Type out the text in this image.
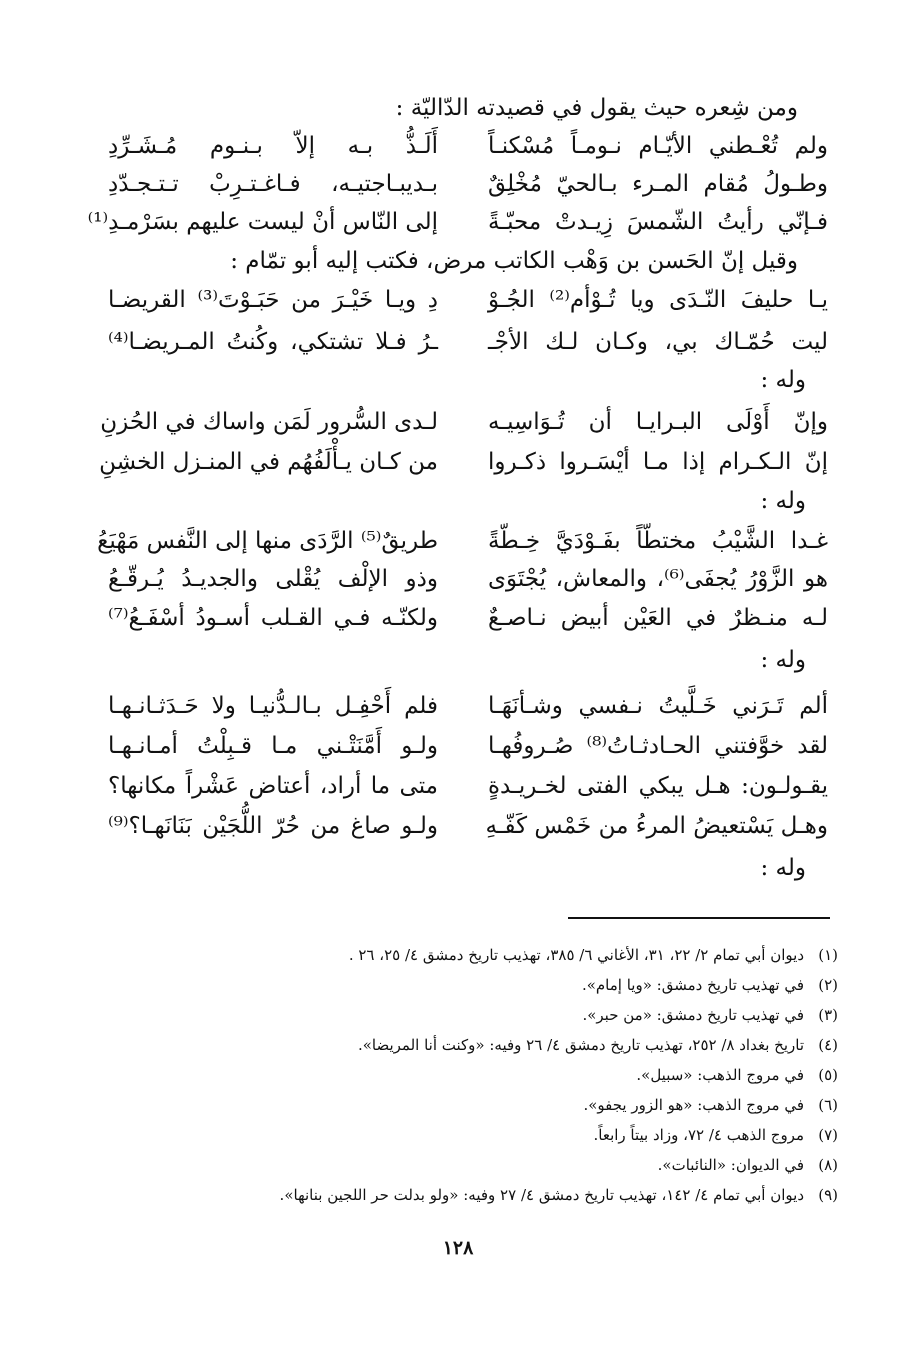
ومن شِعره حيث يقول في قصيدته الدّاليّة :
ولم تُعْـطني الأيّـام نـومـاً مُسْكنـاً
أَلَـذُّ بـه إلاّ بـنـوم مُـشَـرِّدِ
وطـولُ مُقام المـرء بـالحيّ مُخْلِقٌ
بـديبـاجتيـه، فـاغـتـرِبْ تـتـجـدّدِ
فـإنّي رأيتُ الشّمسَ زِيـدتْ محبّـةً
إلى النّاس أنْ ليست عليهم بسَرْمـدِ⁽¹⁾
وقيل إنّ الحَسن بن وَهْب الكاتب مرض، فكتب إليه أبو تمّام :
يـا حليفَ النّـدَى ويا تُـوْأم⁽²⁾ الجُـوْ
دِ ويـا خَيْـرَ من حَبَـوْتَ⁽³⁾ القريضـا
ليت حُمّـاك بي، وكـان لـك الأجْـ
ـرُ فـلا تشتكي، وكُنتُ المـريضـا⁽⁴⁾
وله :
وإنّ أَوْلَى البـرايـا أن تُـوَاسِيـه
لـدى السُّرور لَمَن واساك في الحُزنِ
إنّ الـكـرام إذا مـا أيْسَـروا ذكـروا
من كـان يـأْلَفُهُم في المنـزل الخشِنِ
وله :
غـدا الشَّيْبُ مختطّاً بفَـوْدَيَّ خِـطّةً
طريقٌ⁽⁵⁾ الرَّدَى منها إلى النَّفس مَهْيَعُ
هو الزَّوْرُ يُجفَى⁽⁶⁾، والمعاش، يُجْتَوَى
وذو الإلْف يُقْلى والجديـدُ يُـرقّـعُ
لـه منـظرٌ في العَيْن أبيض نـاصـعٌ
ولكنّـه فـي القـلب أسـودُ أسْفَـعُ⁽⁷⁾
وله :
ألم تَـرَني خَـلَّيتُ نـفسي وشـأنَهَـا
فلم أَحْفِـل بـالـدُّنيـا ولا حَـدَثـانـهـا
لقد خوَّفتني الحـادثـاتُ⁽⁸⁾ صُـروفُهـا
ولـو أَمَّنَتْـني مـا قـبِلْتُ أمـانـهـا
يقـولـون: هـل يبكي الفتى لخـريـدةٍ
متى ما أراد، أعتاض عَشْراً مكانها؟
وهـل يَسْتعيضُ المرءُ من خَمْس كَفّـهِ
ولـو صاغ من حُرّ اللُّجَيْن بَنَانَهـا؟⁽⁹⁾
وله :
(١)ديوان أبي تمام ٢/ ٢٢، ٣١، الأغاني ٦/ ٣٨٥، تهذيب تاريخ دمشق ٤/ ٢٥، ٢٦ .
(٢)في تهذيب تاريخ دمشق: «ويا إمام».
(٣)في تهذيب تاريخ دمشق: «من حبر».
(٤)تاريخ بغداد ٨/ ٢٥٢، تهذيب تاريخ دمشق ٤/ ٢٦ وفيه: «وكنت أنا المريضا».
(٥)في مروج الذهب: «سبيل».
(٦)في مروج الذهب: «هو الزور يجفو».
(٧)مروج الذهب ٤/ ٧٢، وزاد بيتاً رابعاً.
(٨)في الديوان: «النائبات».
(٩)ديوان أبي تمام ٤/ ١٤٢، تهذيب تاريخ دمشق ٤/ ٢٧ وفيه: «ولو بدلت حر اللجين بنانها».
١٢٨
